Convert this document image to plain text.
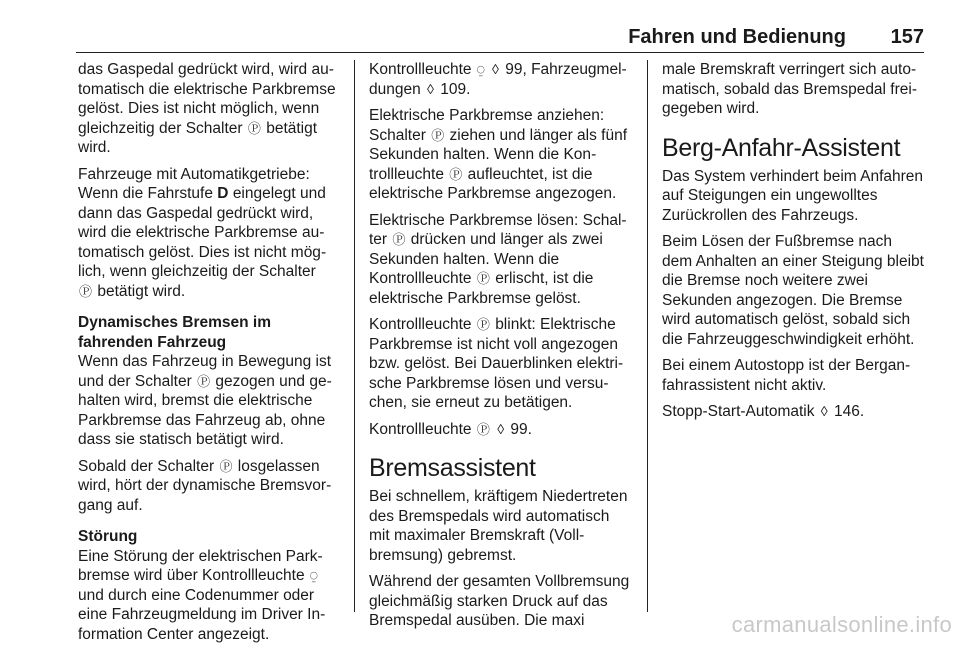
Fahren und Bedienung 157

das Gaspedal gedrückt wird, wird automatisch die elektrische Parkbremse gelöst. Dies ist nicht möglich, wenn gleichzeitig der Schalter Ⓟ betätigt wird.

Fahrzeuge mit Automatikgetriebe: Wenn die Fahrstufe D eingelegt und dann das Gaspedal gedrückt wird, wird die elektrische Parkbremse automatisch gelöst. Dies ist nicht möglich, wenn gleichzeitig der Schalter
Ⓟ betätigt wird.

Dynamisches Bremsen im fahrenden Fahrzeug

Wenn das Fahrzeug in Bewegung ist und der Schalter Ⓟ gezogen und gehalten wird, bremst die elektrische Parkbremse das Fahrzeug ab, ohne dass sie statisch betätigt wird.

Sobald der Schalter Ⓟ losgelassen wird, hört der dynamische Bremsvorgang auf.

Störung

Eine Störung der elektrischen Parkbremse wird über Kontrollleuchte ⍜ und durch eine Codenummer oder eine Fahrzeugmeldung im Driver Information Center angezeigt.

Kontrollleuchte ⍜ ◊ 99, Fahrzeugmeldungen ◊ 109.

Elektrische Parkbremse anziehen: Schalter Ⓟ ziehen und länger als fünf Sekunden halten. Wenn die Kontrollleuchte Ⓟ aufleuchtet, ist die elektrische Parkbremse angezogen.

Elektrische Parkbremse lösen: Schalter Ⓟ drücken und länger als zwei Sekunden halten. Wenn die Kontrollleuchte Ⓟ erlischt, ist die elektrische Parkbremse gelöst.

Kontrollleuchte Ⓟ blinkt: Elektrische Parkbremse ist nicht voll angezogen bzw. gelöst. Bei Dauerblinken elektrische Parkbremse lösen und versuchen, sie erneut zu betätigen.

Kontrollleuchte Ⓟ ◊ 99.

Bremsassistent

Bei schnellem, kräftigem Niedertreten des Bremspedals wird automatisch mit maximaler Bremskraft (Vollbremsung) gebremst.

Während der gesamten Vollbremsung gleichmäßig starken Druck auf das Bremspedal ausüben. Die maxi

male Bremskraft verringert sich automatisch, sobald das Bremspedal freigegeben wird.

Berg-Anfahr-Assistent

Das System verhindert beim Anfahren auf Steigungen ein ungewolltes Zurückrollen des Fahrzeugs.

Beim Lösen der Fußbremse nach dem Anhalten an einer Steigung bleibt die Bremse noch weitere zwei Sekunden angezogen. Die Bremse wird automatisch gelöst, sobald sich die Fahrzeuggeschwindigkeit erhöht.

Bei einem Autostopp ist der Berganfahrassistent nicht aktiv.

Stopp-Start-Automatik ◊ 146.

carmanualsonline.info
